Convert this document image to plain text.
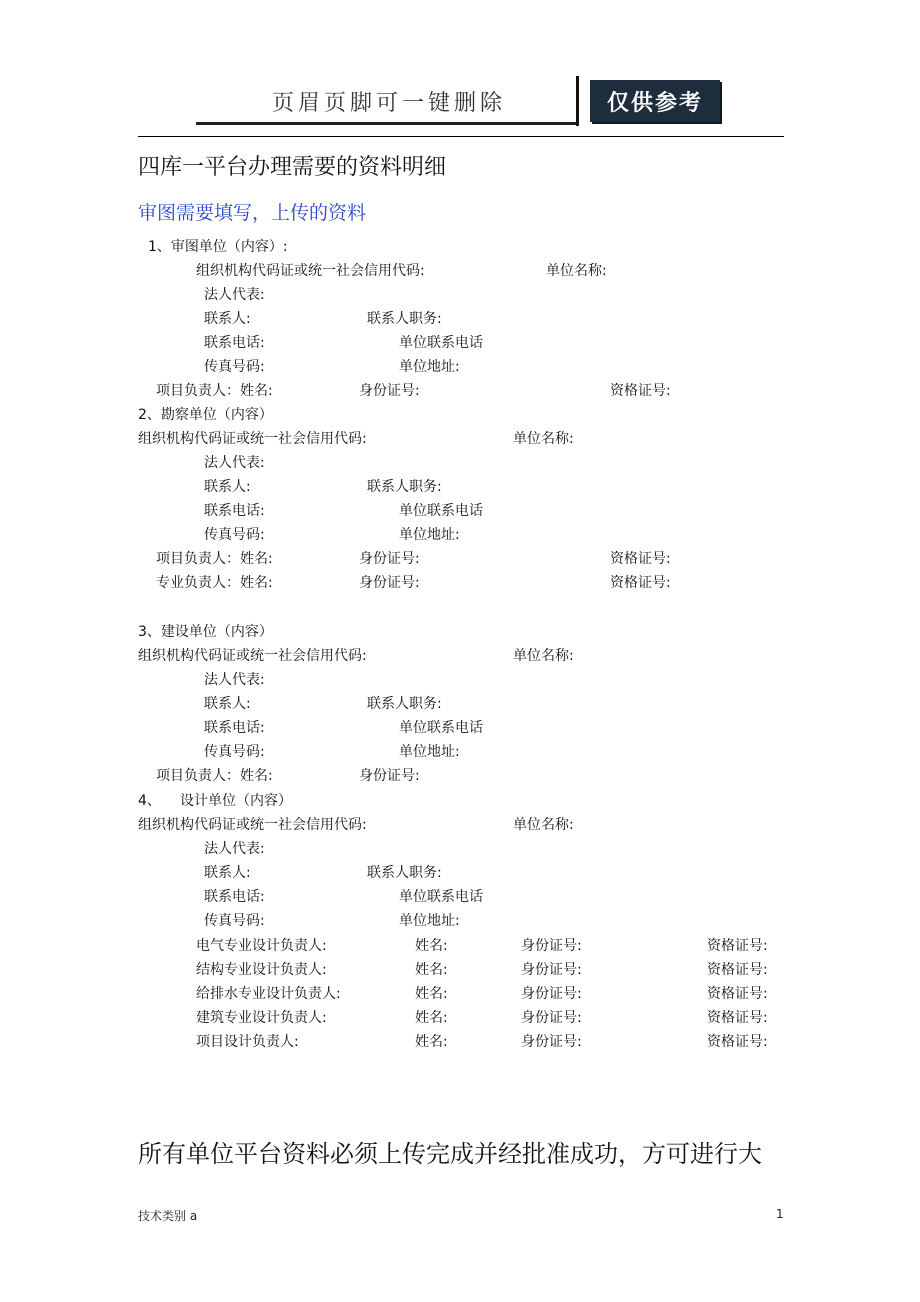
页眉页脚可一键删除	仅供参考
四库一平台办理需要的资料明细
审图需要填写，上传的资料
1、审图单位（内容）:
组织机构代码证或统一社会信用代码:	单位名称:
法人代表:
联系人:	联系人职务:
联系电话:	单位联系电话
传真号码:	单位地址:
项目负责人：姓名:	身份证号:	资格证号:
2、勘察单位（内容）
组织机构代码证或统一社会信用代码:	单位名称:
法人代表:
联系人:	联系人职务:
联系电话:	单位联系电话
传真号码:	单位地址:
项目负责人：姓名:	身份证号:	资格证号:
专业负责人：姓名:	身份证号:	资格证号:
3、建设单位（内容）
组织机构代码证或统一社会信用代码:	单位名称:
法人代表:
联系人:	联系人职务:
联系电话:	单位联系电话
传真号码:	单位地址:
项目负责人：姓名:	身份证号:
4、 设计单位（内容）
组织机构代码证或统一社会信用代码:	单位名称:
法人代表:
联系人:	联系人职务:
联系电话:	单位联系电话
传真号码:	单位地址:
电气专业设计负责人:	姓名:	身份证号:	资格证号:
结构专业设计负责人:	姓名:	身份证号:	资格证号:
给排水专业设计负责人:	姓名:	身份证号:	资格证号:
建筑专业设计负责人:	姓名:	身份证号:	资格证号:
项目设计负责人:	姓名:	身份证号:	资格证号:
所有单位平台资料必须上传完成并经批准成功，方可进行大
技术类别 a	1
